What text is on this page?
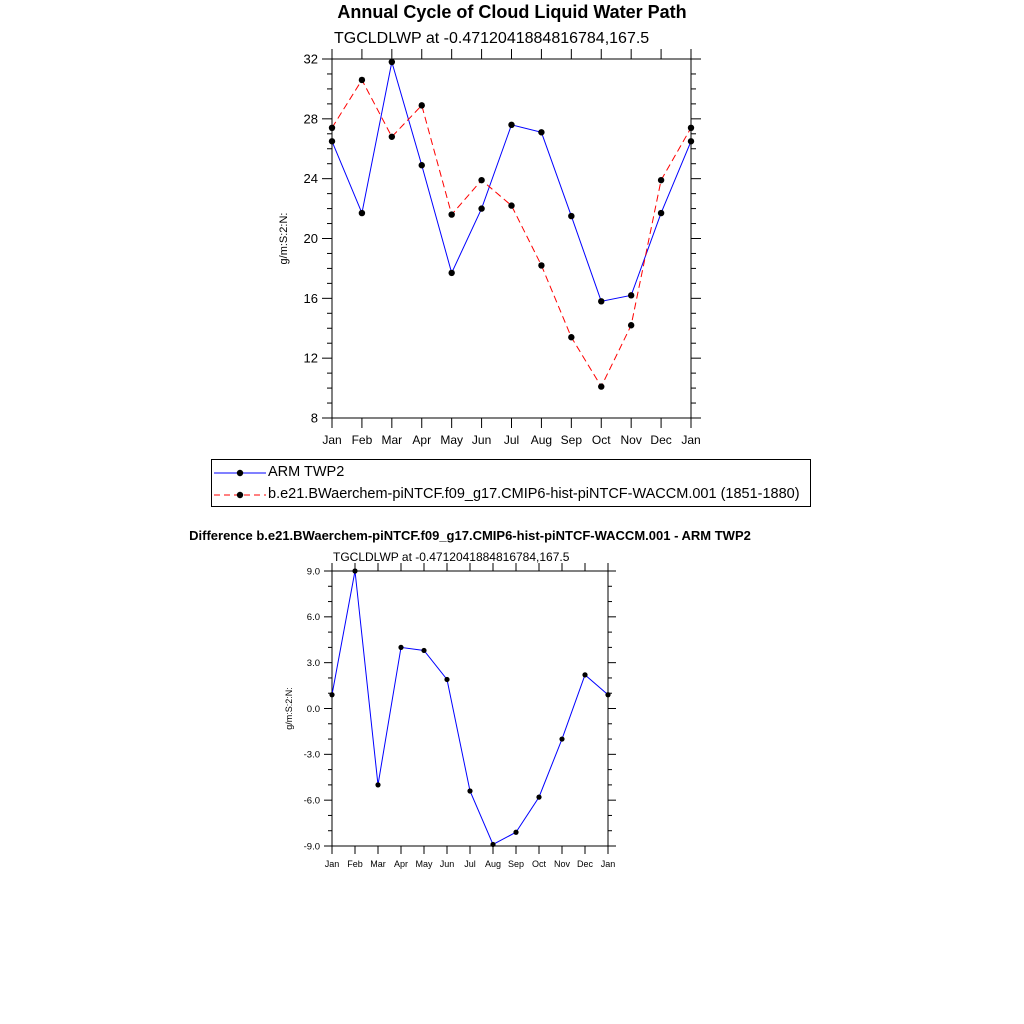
Annual Cycle of Cloud Liquid Water Path
TGCLDLWP at -0.4712041884816784,167.5
8
12
16
20
24
28
32
Jan Feb Mar Apr May Jun Jul Aug Sep Oct Nov Dec Jan
g/m:S:2:N:
ARM TWP2
b.e21.BWaerchem-piNTCF.f09_g17.CMIP6-hist-piNTCF-WACCM.001 (1851-1880)
Difference b.e21.BWaerchem-piNTCF.f09_g17.CMIP6-hist-piNTCF-WACCM.001 - ARM TWP2
TGCLDLWP at -0.4712041884816784,167.5
-9.0
-6.0
-3.0
0.0
3.0
6.0
9.0
Jan Feb Mar Apr May Jun Jul Aug Sep Oct Nov Dec Jan
g/m:S:2:N:
